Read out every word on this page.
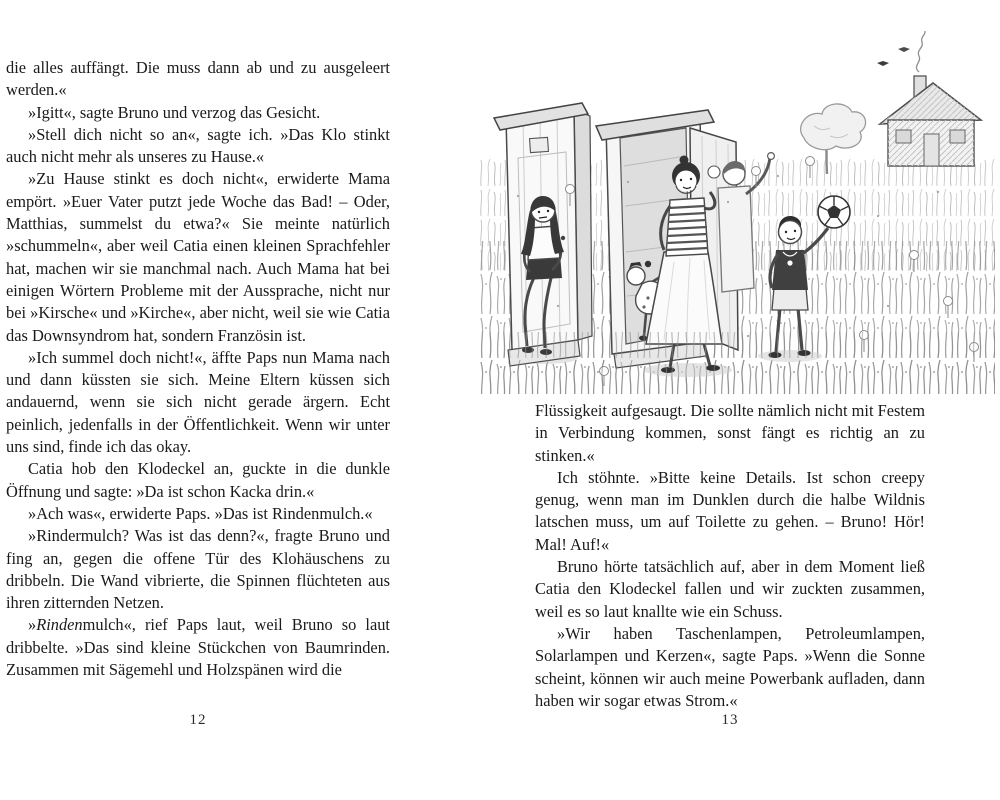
die alles auffängt. Die muss dann ab und zu ausgeleert werden.«

»Igitt«, sagte Bruno und verzog das Gesicht.

»Stell dich nicht so an«, sagte ich. »Das Klo stinkt auch nicht mehr als unseres zu Hause.«

»Zu Hause stinkt es doch nicht«, erwiderte Mama empört. »Euer Vater putzt jede Woche das Bad! – Oder, Matthias, summelst du etwa?« Sie meinte natürlich »schummeln«, aber weil Catia einen kleinen Sprachfehler hat, machen wir sie manchmal nach. Auch Mama hat bei einigen Wörtern Probleme mit der Aussprache, nicht nur bei »Kirsche« und »Kirche«, aber nicht, weil sie wie Catia das Downsyndrom hat, sondern Französin ist.

»Ich summel doch nicht!«, äffte Paps nun Mama nach und dann küssten sie sich. Meine Eltern küssen sich andauernd, wenn sie sich nicht gerade ärgern. Echt peinlich, jedenfalls in der Öffentlichkeit. Wenn wir unter uns sind, finde ich das okay.

Catia hob den Klodeckel an, guckte in die dunkle Öffnung und sagte: »Da ist schon Kacka drin.«

»Ach was«, erwiderte Paps. »Das ist Rindenmulch.«

»Rindermulch? Was ist das denn?«, fragte Bruno und fing an, gegen die offene Tür des Klohäuschens zu dribbeln. Die Wand vibrierte, die Spinnen flüchteten aus ihren zitternden Netzen.

»Rindenmulch«, rief Paps laut, weil Bruno so laut dribbelte. »Das sind kleine Stückchen von Baumrinden. Zusammen mit Sägemehl und Holzspänen wird die

12

Flüssigkeit aufgesaugt. Die sollte nämlich nicht mit Festem in Verbindung kommen, sonst fängt es richtig an zu stinken.«

Ich stöhnte. »Bitte keine Details. Ist schon creepy genug, wenn man im Dunklen durch die halbe Wildnis latschen muss, um auf Toilette zu gehen. – Bruno! Hör! Mal! Auf!«

Bruno hörte tatsächlich auf, aber in dem Moment ließ Catia den Klodeckel fallen und wir zuckten zusammen, weil es so laut knallte wie ein Schuss.

»Wir haben Taschenlampen, Petroleumlampen, Solarlampen und Kerzen«, sagte Paps. »Wenn die Sonne scheint, können wir auch meine Powerbank aufladen, dann haben wir sogar etwas Strom.«

13
